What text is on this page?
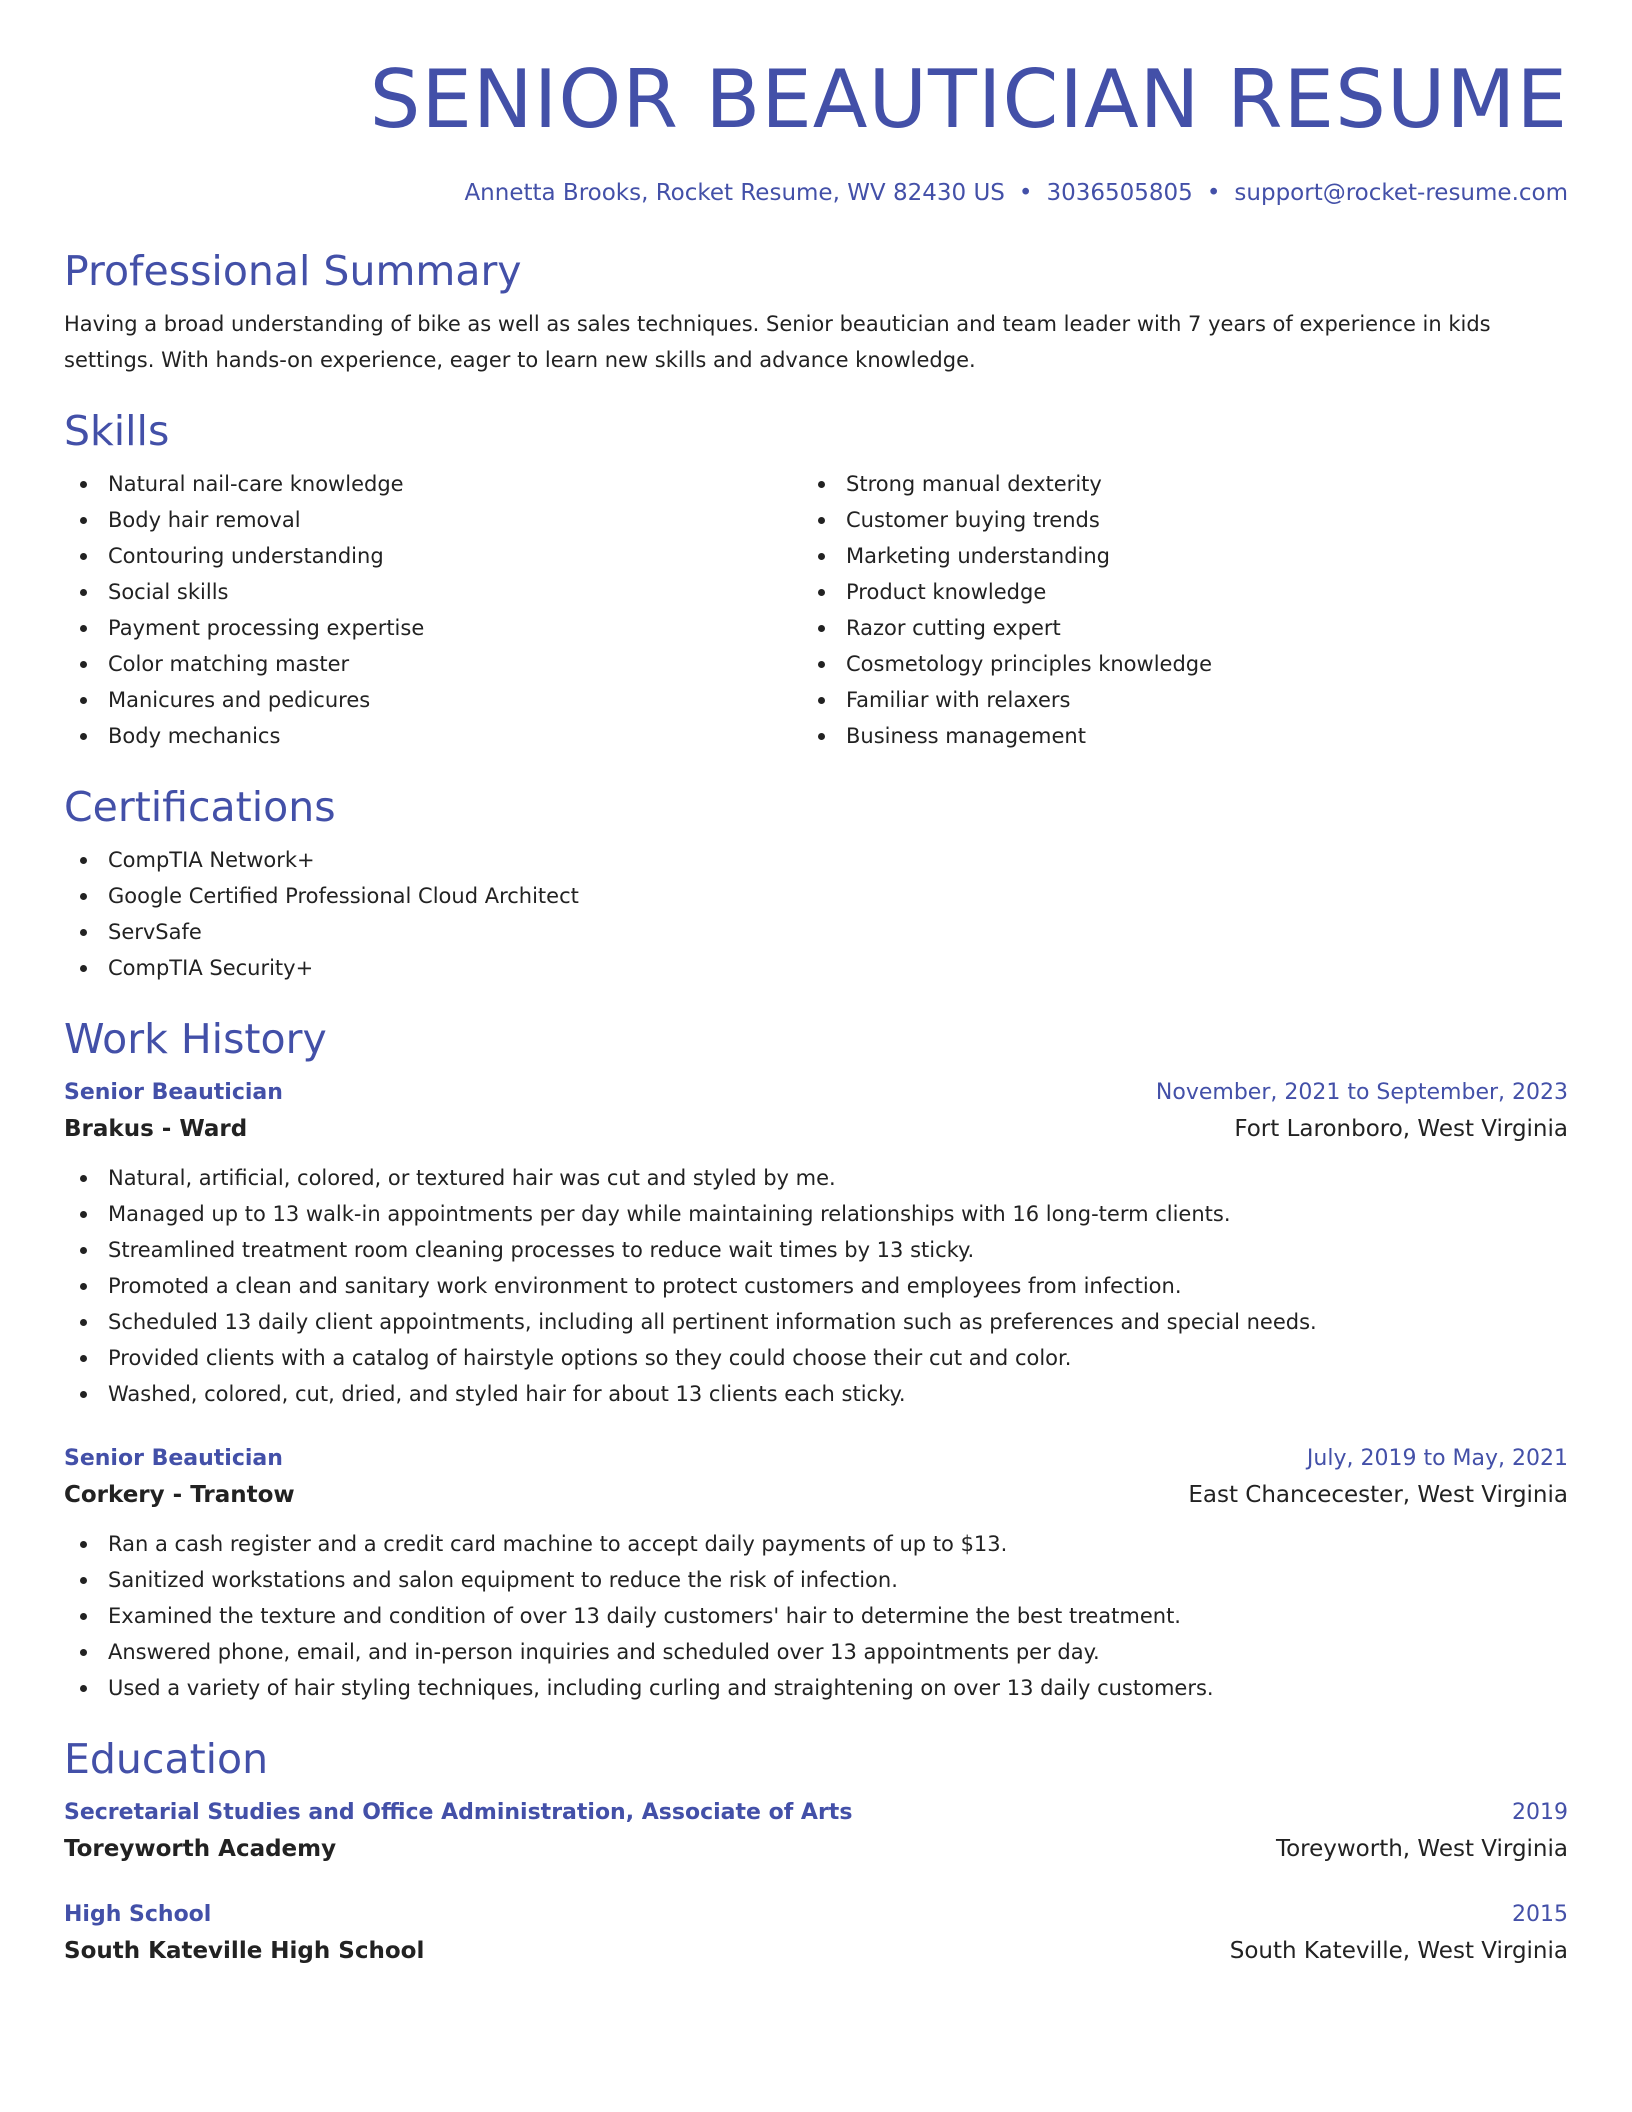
SENIOR BEAUTICIAN RESUME
Annetta Brooks, Rocket Resume, WV 82430 US • 3036505805 • support@rocket-resume.com
Professional Summary

Having a broad understanding of bike as well as sales techniques. Senior beautician and team leader with 7 years of experience in kids settings. With hands-on experience, eager to learn new skills and advance knowledge.

Skills
Natural nail-care knowledge
Body hair removal
Contouring understanding
Social skills
Payment processing expertise
Color matching master
Manicures and pedicures
Body mechanics
Strong manual dexterity
Customer buying trends
Marketing understanding
Product knowledge
Razor cutting expert
Cosmetology principles knowledge
Familiar with relaxers
Business management
Certifications
CompTIA Network+
Google Certified Professional Cloud Architect
ServSafe
CompTIA Security+
Work History
Senior Beautician	November, 2021 to September, 2023
Brakus - Ward	Fort Laronboro, West Virginia
Natural, artificial, colored, or textured hair was cut and styled by me.
Managed up to 13 walk-in appointments per day while maintaining relationships with 16 long-term clients.
Streamlined treatment room cleaning processes to reduce wait times by 13 sticky.
Promoted a clean and sanitary work environment to protect customers and employees from infection.
Scheduled 13 daily client appointments, including all pertinent information such as preferences and special needs.
Provided clients with a catalog of hairstyle options so they could choose their cut and color.
Washed, colored, cut, dried, and styled hair for about 13 clients each sticky.
Senior Beautician	July, 2019 to May, 2021
Corkery - Trantow	East Chancecester, West Virginia
Ran a cash register and a credit card machine to accept daily payments of up to $13.
Sanitized workstations and salon equipment to reduce the risk of infection.
Examined the texture and condition of over 13 daily customers' hair to determine the best treatment.
Answered phone, email, and in-person inquiries and scheduled over 13 appointments per day.
Used a variety of hair styling techniques, including curling and straightening on over 13 daily customers.
Education
Secretarial Studies and Office Administration, Associate of Arts	2019
Toreyworth Academy	Toreyworth, West Virginia
High School	2015
South Kateville High School	South Kateville, West Virginia
